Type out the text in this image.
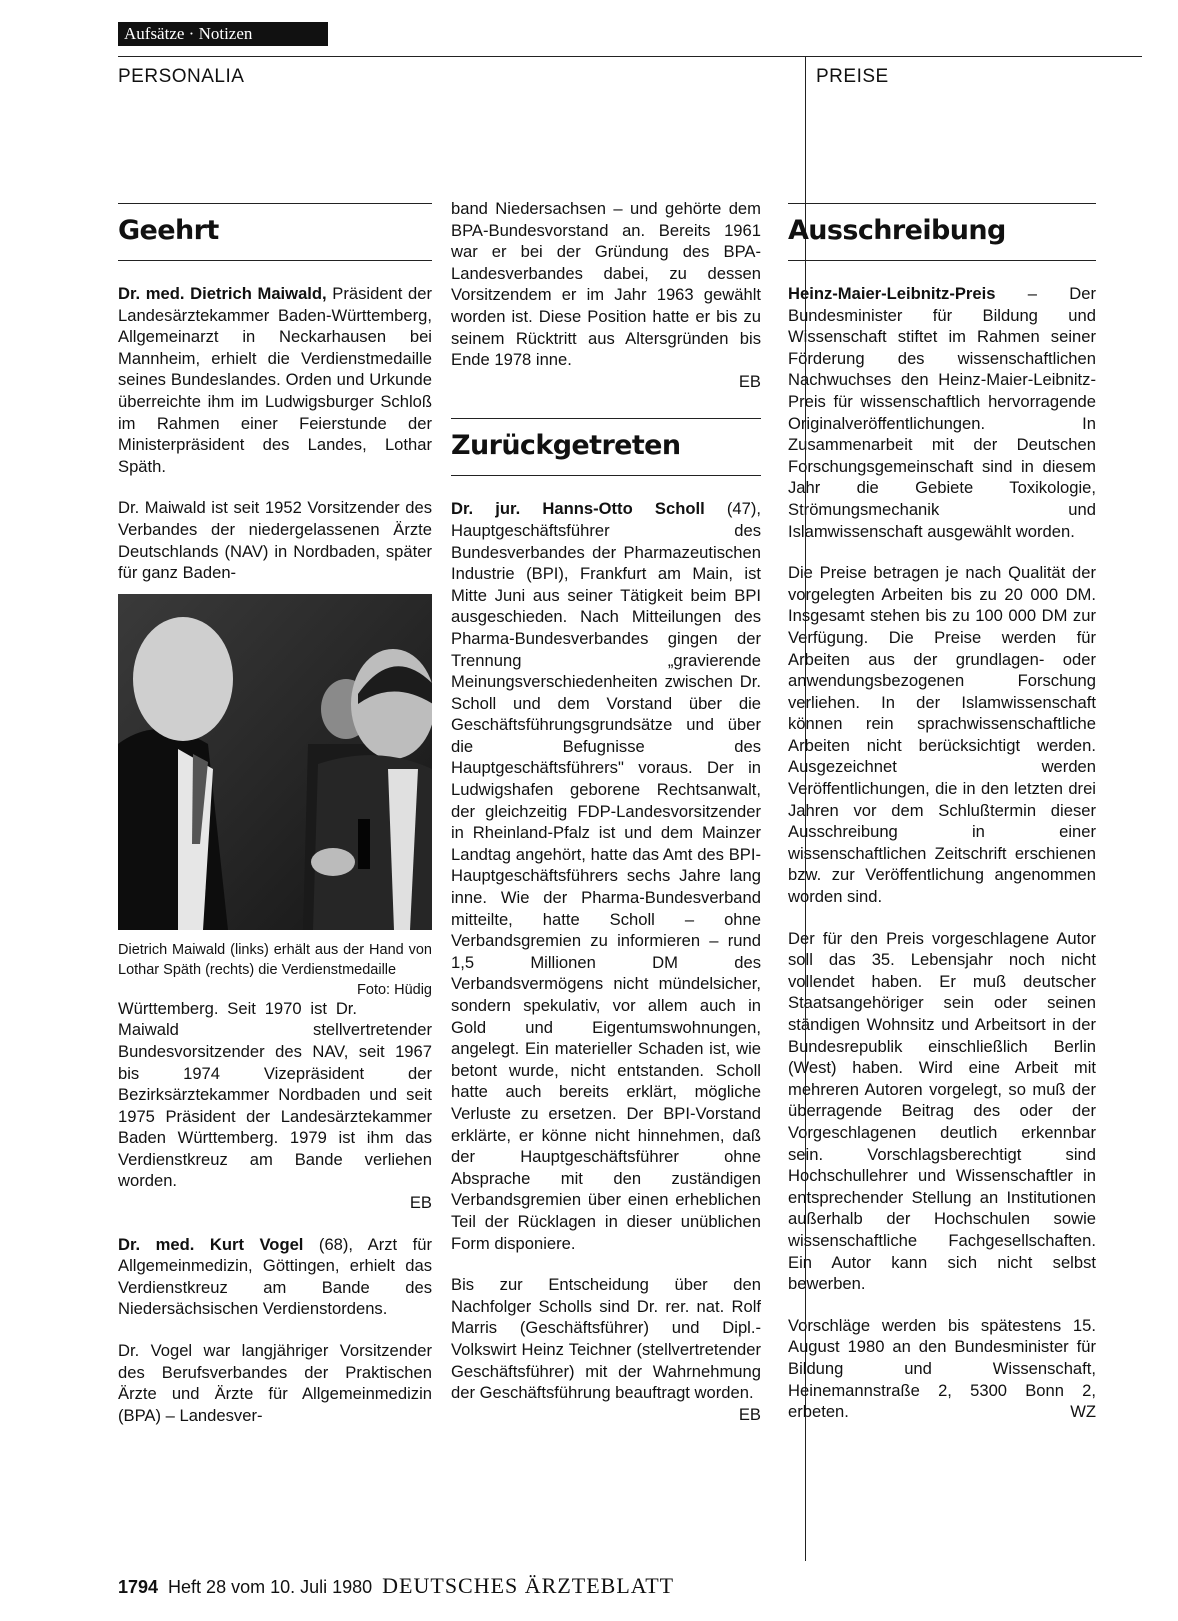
Aufsätze · Notizen
PERSONALIA	PREISE
Geehrt

Dr. med. Dietrich Maiwald, Präsident der Landesärztekammer Baden-Württemberg, Allgemeinarzt in Neckarhausen bei Mannheim, erhielt die Verdienstmedaille seines Bundeslandes. Orden und Urkunde überreichte ihm im Ludwigsburger Schloß im Rahmen einer Feierstunde der Ministerpräsident des Landes, Lothar Späth.

Dr. Maiwald ist seit 1952 Vorsitzender des Verbandes der niedergelassenen Ärzte Deutschlands (NAV) in Nordbaden, später für ganz Baden-

Dietrich Maiwald (links) erhält aus der Hand von Lothar Späth (rechts) die Verdienstmedaille
Foto: Hüdig

Württemberg. Seit 1970 ist Dr. Maiwald stellvertretender Bundesvorsitzender des NAV, seit 1967 bis 1974 Vizepräsident der Bezirksärztekammer Nordbaden und seit 1975 Präsident der Landesärztekammer Baden Württemberg. 1979 ist ihm das Verdienstkreuz am Bande verliehen worden.
EB

Dr. med. Kurt Vogel (68), Arzt für Allgemeinmedizin, Göttingen, erhielt das Verdienstkreuz am Bande des Niedersächsischen Verdienstordens.

Dr. Vogel war langjähriger Vorsitzender des Berufsverbandes der Praktischen Ärzte und Ärzte für Allgemeinmedizin (BPA) – Landesver-

band Niedersachsen – und gehörte dem BPA-Bundesvorstand an. Bereits 1961 war er bei der Gründung des BPA-Landesverbandes dabei, zu dessen Vorsitzendem er im Jahr 1963 gewählt worden ist. Diese Position hatte er bis zu seinem Rücktritt aus Altersgründen bis Ende 1978 inne.
EB

Zurückgetreten

Dr. jur. Hanns-Otto Scholl (47), Hauptgeschäftsführer des Bundesverbandes der Pharmazeutischen Industrie (BPI), Frankfurt am Main, ist Mitte Juni aus seiner Tätigkeit beim BPI ausgeschieden. Nach Mitteilungen des Pharma-Bundesverbandes gingen der Trennung „gravierende Meinungsverschiedenheiten zwischen Dr. Scholl und dem Vorstand über die Geschäftsführungsgrundsätze und über die Befugnisse des Hauptgeschäftsführers" voraus. Der in Ludwigshafen geborene Rechtsanwalt, der gleichzeitig FDP-Landesvorsitzender in Rheinland-Pfalz ist und dem Mainzer Landtag angehört, hatte das Amt des BPI-Hauptgeschäftsführers sechs Jahre lang inne. Wie der Pharma-Bundesverband mitteilte, hatte Scholl – ohne Verbandsgremien zu informieren – rund 1,5 Millionen DM des Verbandsvermögens nicht mündelsicher, sondern spekulativ, vor allem auch in Gold und Eigentumswohnungen, angelegt. Ein materieller Schaden ist, wie betont wurde, nicht entstanden. Scholl hatte auch bereits erklärt, mögliche Verluste zu ersetzen. Der BPI-Vorstand erklärte, er könne nicht hinnehmen, daß der Hauptgeschäftsführer ohne Absprache mit den zuständigen Verbandsgremien über einen erheblichen Teil der Rücklagen in dieser unüblichen Form disponiere.

Bis zur Entscheidung über den Nachfolger Scholls sind Dr. rer. nat. Rolf Marris (Geschäftsführer) und Dipl.-Volkswirt Heinz Teichner (stellvertretender Geschäftsführer) mit der Wahrnehmung der Geschäftsführung beauftragt worden.
EB

Ausschreibung

Heinz-Maier-Leibnitz-Preis – Der Bundesminister für Bildung und Wissenschaft stiftet im Rahmen seiner Förderung des wissenschaftlichen Nachwuchses den Heinz-Maier-Leibnitz-Preis für wissenschaftlich hervorragende Originalveröffentlichungen. In Zusammenarbeit mit der Deutschen Forschungsgemeinschaft sind in diesem Jahr die Gebiete Toxikologie, Strömungsmechanik und Islamwissenschaft ausgewählt worden.

Die Preise betragen je nach Qualität der vorgelegten Arbeiten bis zu 20 000 DM. Insgesamt stehen bis zu 100 000 DM zur Verfügung. Die Preise werden für Arbeiten aus der grundlagen- oder anwendungsbezogenen Forschung verliehen. In der Islamwissenschaft können rein sprachwissenschaftliche Arbeiten nicht berücksichtigt werden. Ausgezeichnet werden Veröffentlichungen, die in den letzten drei Jahren vor dem Schlußtermin dieser Ausschreibung in einer wissenschaftlichen Zeitschrift erschienen bzw. zur Veröffentlichung angenommen worden sind.

Der für den Preis vorgeschlagene Autor soll das 35. Lebensjahr noch nicht vollendet haben. Er muß deutscher Staatsangehöriger sein oder seinen ständigen Wohnsitz und Arbeitsort in der Bundesrepublik einschließlich Berlin (West) haben. Wird eine Arbeit mit mehreren Autoren vorgelegt, so muß der überragende Beitrag des oder der Vorgeschlagenen deutlich erkennbar sein. Vorschlagsberechtigt sind Hochschullehrer und Wissenschaftler in entsprechender Stellung an Institutionen außerhalb der Hochschulen sowie wissenschaftliche Fachgesellschaften. Ein Autor kann sich nicht selbst bewerben.

Vorschläge werden bis spätestens 15. August 1980 an den Bundesminister für Bildung und Wissenschaft, Heinemannstraße 2, 5300 Bonn 2, erbeten.	WZ

1794 Heft 28 vom 10. Juli 1980 DEUTSCHES ÄRZTEBLATT
